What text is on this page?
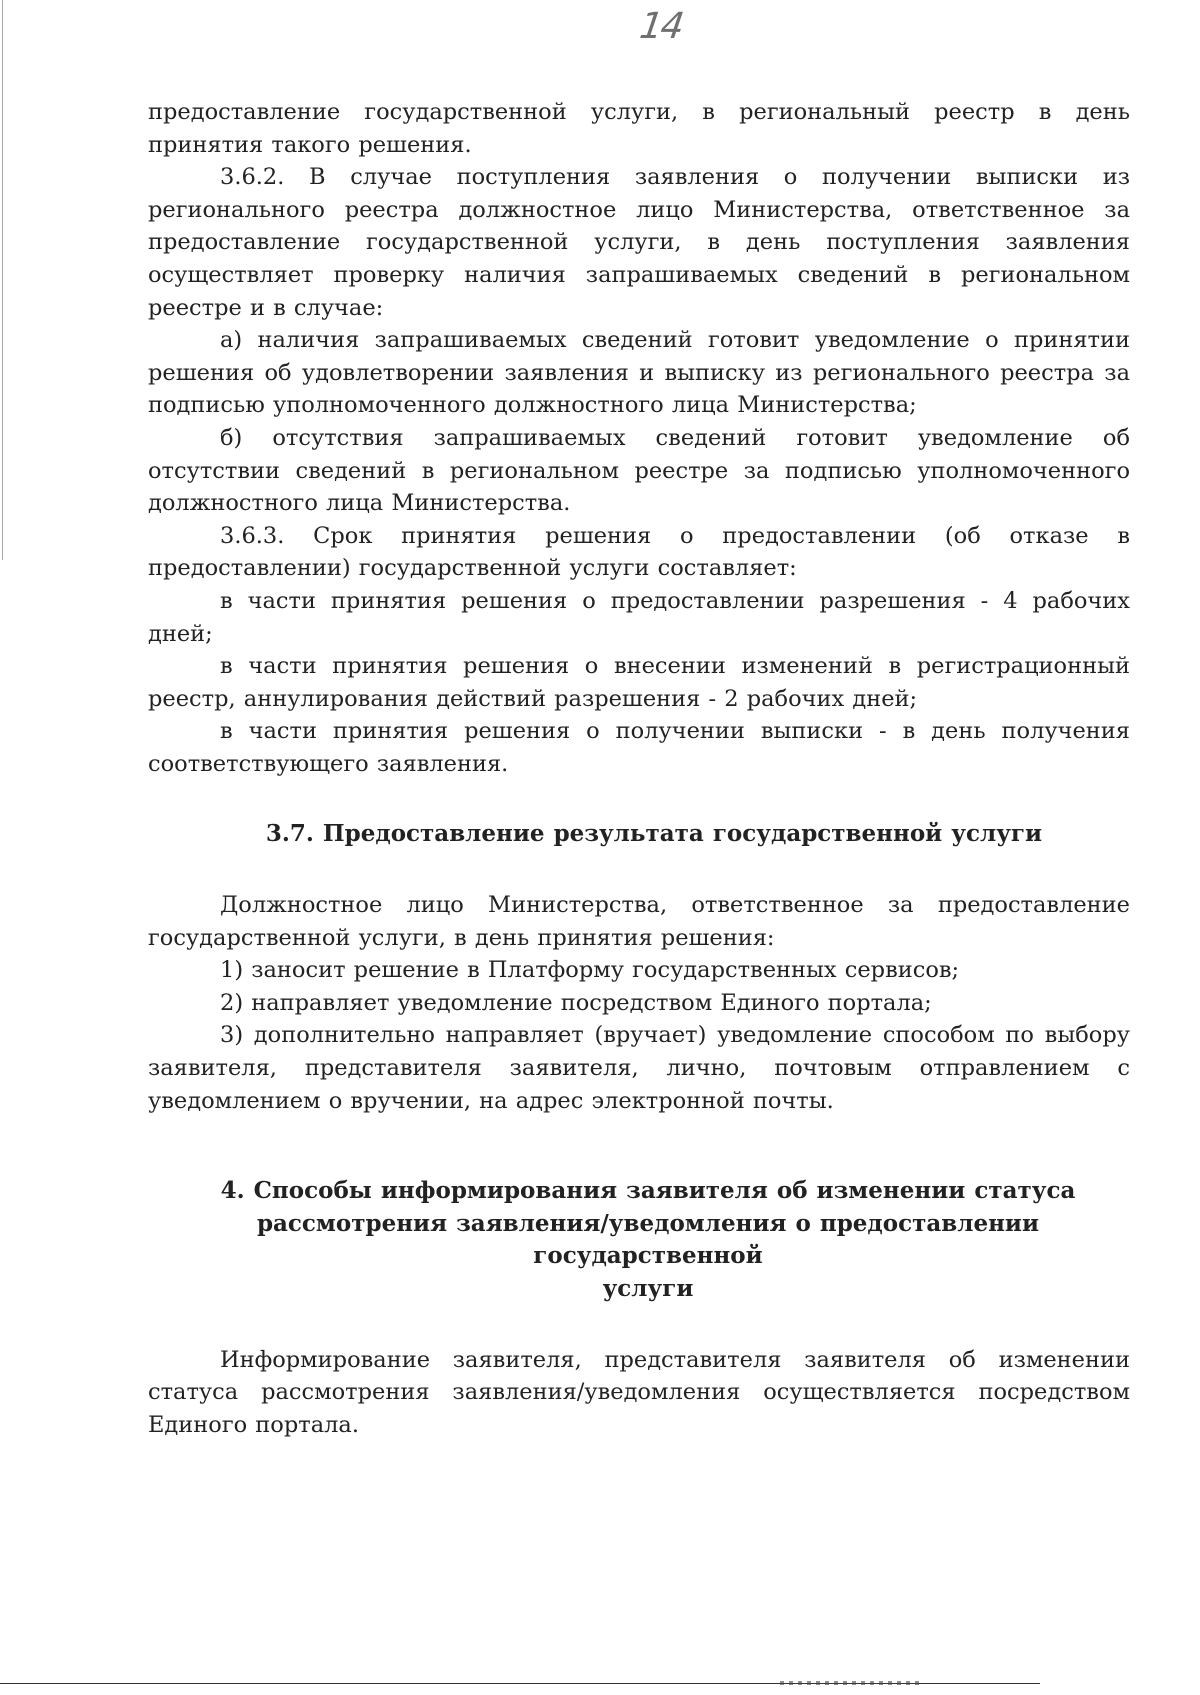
14

предоставление государственной услуги, в региональный реестр в день принятия такого решения.

3.6.2. В случае поступления заявления о получении выписки из регионального реестра должностное лицо Министерства, ответственное за предоставление государственной услуги, в день поступления заявления осуществляет проверку наличия запрашиваемых сведений в региональном реестре и в случае:

а) наличия запрашиваемых сведений готовит уведомление о принятии решения об удовлетворении заявления и выписку из регионального реестра за подписью уполномоченного должностного лица Министерства;

б) отсутствия запрашиваемых сведений готовит уведомление об отсутствии сведений в региональном реестре за подписью уполномоченного должностного лица Министерства.

3.6.3. Срок принятия решения о предоставлении (об отказе в предоставлении) государственной услуги составляет:

в части принятия решения о предоставлении разрешения - 4 рабочих дней;

в части принятия решения о внесении изменений в регистрационный реестр, аннулирования действий разрешения - 2 рабочих дней;

в части принятия решения о получении выписки - в день получения соответствующего заявления.

3.7. Предоставление результата государственной услуги

Должностное лицо Министерства, ответственное за предоставление государственной услуги, в день принятия решения:

1) заносит решение в Платформу государственных сервисов;

2) направляет уведомление посредством Единого портала;

3) дополнительно направляет (вручает) уведомление способом по выбору заявителя, представителя заявителя, лично, почтовым отправлением с уведомлением о вручении, на адрес электронной почты.

4. Способы информирования заявителя об изменении статуса
рассмотрения заявления/уведомления о предоставлении государственной
услуги

Информирование заявителя, представителя заявителя об изменении статуса рассмотрения заявления/уведомления осуществляется посредством Единого портала.
